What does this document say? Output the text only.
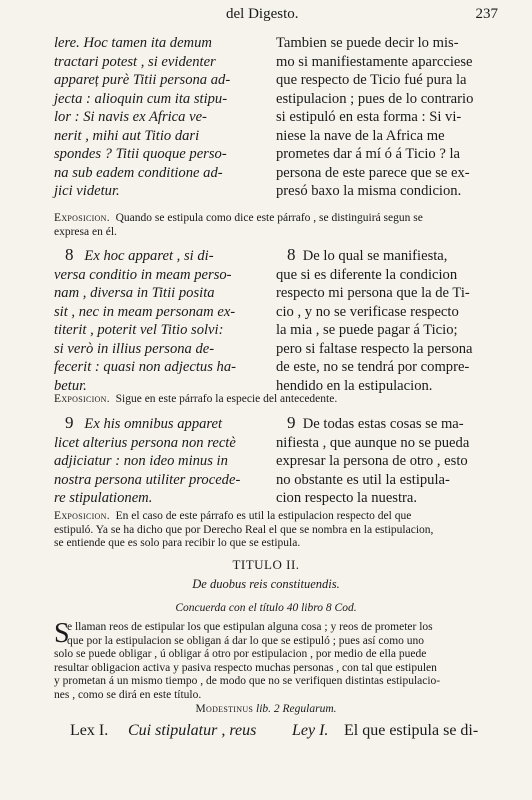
del Digesto.	237
lere. Hoc tamen ita demum
tractari potest , si evidenter
appareț purè Titii persona ad-
jecta : alioquin cum ita stipu-
lor : Si navis ex Africa ve-
nerit , mihi aut Titio dari
spondes ? Titii quoque perso-
na sub eadem conditione ad-
jici videtur.
Tambien se puede decir lo mis-
mo si manifiestamente aparcciese
que respecto de Ticio fué pura la
estipulacion ; pues de lo contrario
si estipuló en esta forma : Si vi-
niese la nave de la Africa me
prometes dar á mí ó á Ticio ? la
persona de este parece que se ex-
presó baxo la misma condicion.
Exposicion. Quando se estipula como dice este párrafo , se distinguirá segun se
expresa en él.
8 Ex hoc apparet , si di-
versa conditio in meam perso-
nam , diversa in Titii posita
sit , nec in meam personam ex-
titerit , poterit vel Titio solvi:
si verò in illius persona de-
fecerit : quasi non adjectus ha-
betur.
8 De lo qual se manifiesta,
que si es diferente la condicion
respecto mi persona que la de Ti-
cio , y no se verificase respecto
la mia , se puede pagar á Ticio;
pero si faltase respecto la persona
de este, no se tendrá por compre-
hendido en la estipulacion.
Exposicion. Sigue en este párrafo la especie del antecedente.
9 Ex his omnibus apparet
licet alterius persona non rectè
adjiciatur : non ideo minus in
nostra persona utiliter procede-
re stipulationem.
9 De todas estas cosas se ma-
nifiesta , que aunque no se pueda
expresar la persona de otro , esto
no obstante es util la estipula-
cion respecto la nuestra.
Exposicion. En el caso de este párrafo es util la estipulacion respecto del que
estipuló. Ya se ha dicho que por Derecho Real el que se nombra en la estipulacion,
se entiende que es solo para recibir lo que se estipula.
TITULO II.
De duobus reis constituendis.
Concuerda con el título 40 libro 8 Cod.
S
e llaman reos de estipular los que estipulan alguna cosa ; y reos de prometer los
que por la estipulacion se obligan á dar lo que se estipuló ; pues así como uno
solo se puede obligar , ú obligar á otro por estipulacion , por medio de ella puede
resultar obligacion activa y pasiva respecto muchas personas , con tal que estipulen
y prometan á un mismo tiempo , de modo que no se verifiquen distintas estipulacio-
nes , como se dirá en este título.
Modestinus lib. 2 Regularum.
Lex I. Cui stipulatur , reus Ley I. El que estipula se di-
